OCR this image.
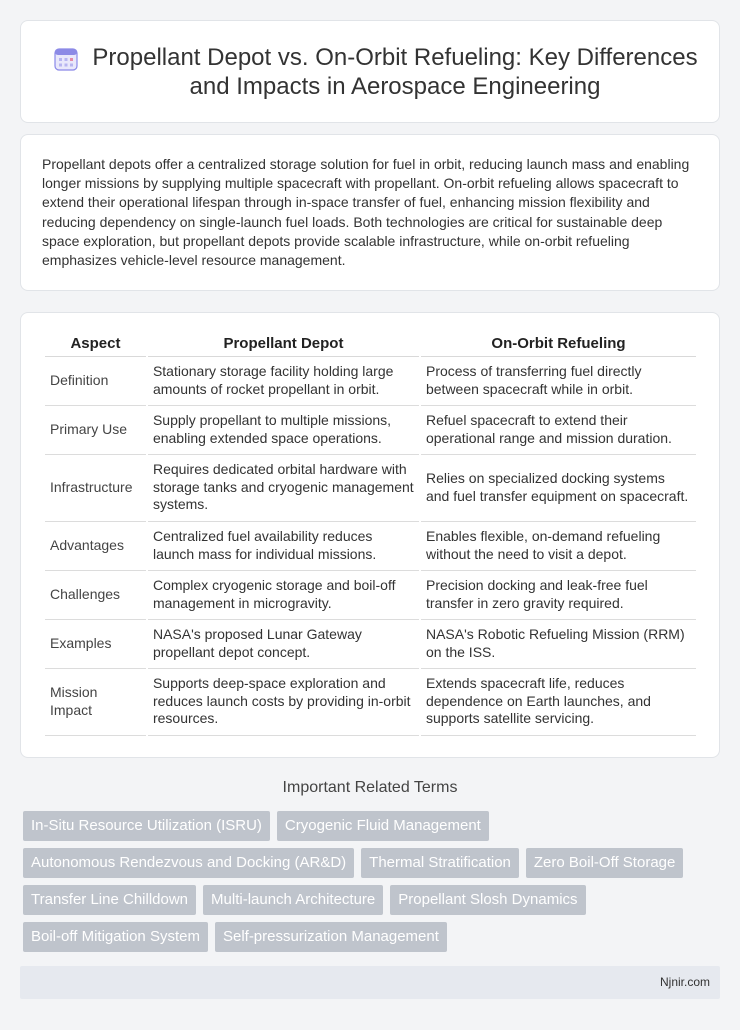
Propellant Depot vs. On-Orbit Refueling: Key Differences and Impacts in Aerospace Engineering

Propellant depots offer a centralized storage solution for fuel in orbit, reducing launch mass and enabling longer missions by supplying multiple spacecraft with propellant. On-orbit refueling allows spacecraft to extend their operational lifespan through in-space transfer of fuel, enhancing mission flexibility and reducing dependency on single-launch fuel loads. Both technologies are critical for sustainable deep space exploration, but propellant depots provide scalable infrastructure, while on-orbit refueling emphasizes vehicle-level resource management.

Aspect	Propellant Depot	On-Orbit Refueling
Definition	Stationary storage facility holding large amounts of rocket propellant in orbit.	Process of transferring fuel directly between spacecraft while in orbit.
Primary Use	Supply propellant to multiple missions, enabling extended space operations.	Refuel spacecraft to extend their operational range and mission duration.
Infrastructure	Requires dedicated orbital hardware with storage tanks and cryogenic management systems.	Relies on specialized docking systems and fuel transfer equipment on spacecraft.
Advantages	Centralized fuel availability reduces launch mass for individual missions.	Enables flexible, on-demand refueling without the need to visit a depot.
Challenges	Complex cryogenic storage and boil-off management in microgravity.	Precision docking and leak-free fuel transfer in zero gravity required.
Examples	NASA's proposed Lunar Gateway propellant depot concept.	NASA's Robotic Refueling Mission (RRM) on the ISS.
Mission Impact	Supports deep-space exploration and reduces launch costs by providing in-orbit resources.	Extends spacecraft life, reduces dependence on Earth launches, and supports satellite servicing.
Important Related Terms
In-Situ Resource Utilization (ISRU)	Cryogenic Fluid Management
Autonomous Rendezvous and Docking (AR&D)	Thermal Stratification	Zero Boil-Off Storage
Transfer Line Chilldown	Multi-launch Architecture	Propellant Slosh Dynamics
Boil-off Mitigation System	Self-pressurization Management
Njnir.com
